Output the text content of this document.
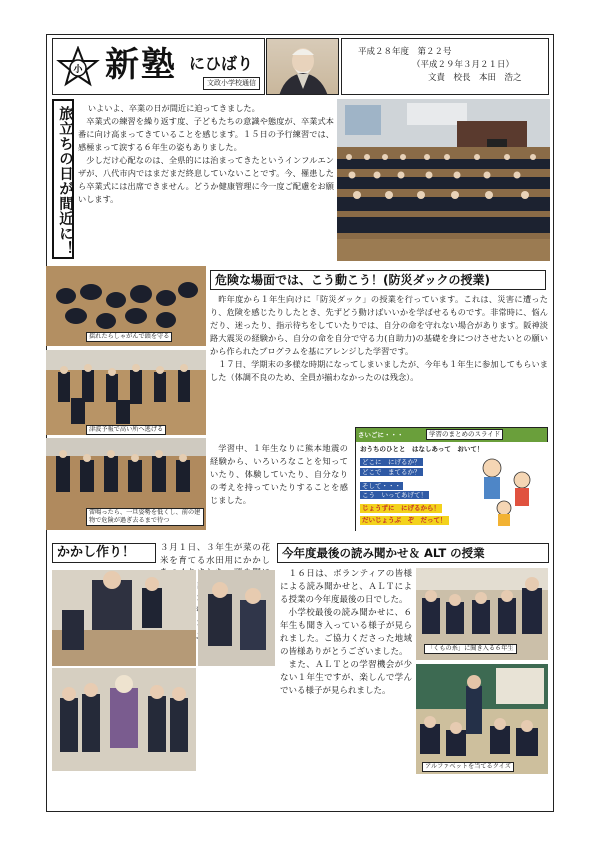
小 新塾 にひばり
文政小学校通信
平成２８年度　第２２号
（平成２９年３月２１日）
文責　校長　本田　浩之
旅立ちの日が間近に！	いよいよ、卒業の日が間近に迫ってきました。

卒業式の練習を繰り返す度、子どもたちの意識や態度が、卒業式本番に向け高まってきていることを感じます。１５日の予行練習では、感極まって涙する６年生の姿もありました。

少しだけ心配なのは、全県的には治まってきたというインフルエンザが、八代市内ではまだまだ終息していないことです。今、罹患したら卒業式には出席できません。どうか健康管理に今一度ご配慮をお願いします。

揺れたらしゃがんで頭を守る
津波予報で高い所へ逃げる
雷鳴ったら、一旦姿勢を低くし、前の建物で危険が過ぎ去るまで待つ
危険な場面では、こう動こう！(防災ダックの授業)

昨年度から１年生向けに「防災ダック」の授業を行っています。これは、災害に遭ったり、危険を感じたりしたとき、先ずどう動けばいいかを学ばせるものです。非常時に、悩んだり、迷ったり、指示待ちをしていたりでは、自分の命を守れない場合があります。阪神淡路大震災の経験から、自分の命を自分で守る力(自助力)の基礎を身につけさせたいとの願いから作られたプログラムを基にアレンジした学習です。

１７日、学期末の多様な時期になってしまいましたが、今年も１年生に参加してもらいました（体調不良のため、全員が揃わなかったのは残念）。

学習中、１年生なりに熊本地震の経験から、いろいろなことを知っていたり、体験していたり、自分なりの考えを持っていたりすることを感じました。

さいごに・・・	学習のまとめのスライド
おうちのひとと　はなしあって　おいて！
どこに　にげるか？
どこで　まてるか？
そして・・・
こう　いってあげて！
じょうずに　にげるから！
だいじょうぶ　ぞ　だって！
かかし作り！	３月１日、３年生が菜の花米を育てる水田用にかかし たか 、害鳥から守
今年度最後の読み聞かせ＆ ALT の授業

１６日は、ボランティアの皆様による読み聞かせと、ＡＬＴによる授業の今年度最後の日でした。

小学校最後の読み聞かせに、６年生も聞き入っている様子が見られました。ご協力くださった地域の皆様ありがとうございました。

また、ＡＬＴとの学習機会が少ない１年生ですが、楽しんで学んでいる様子が見られました。

「くもの糸」に聞き入る６年生
アルファベットを当てるクイズ
